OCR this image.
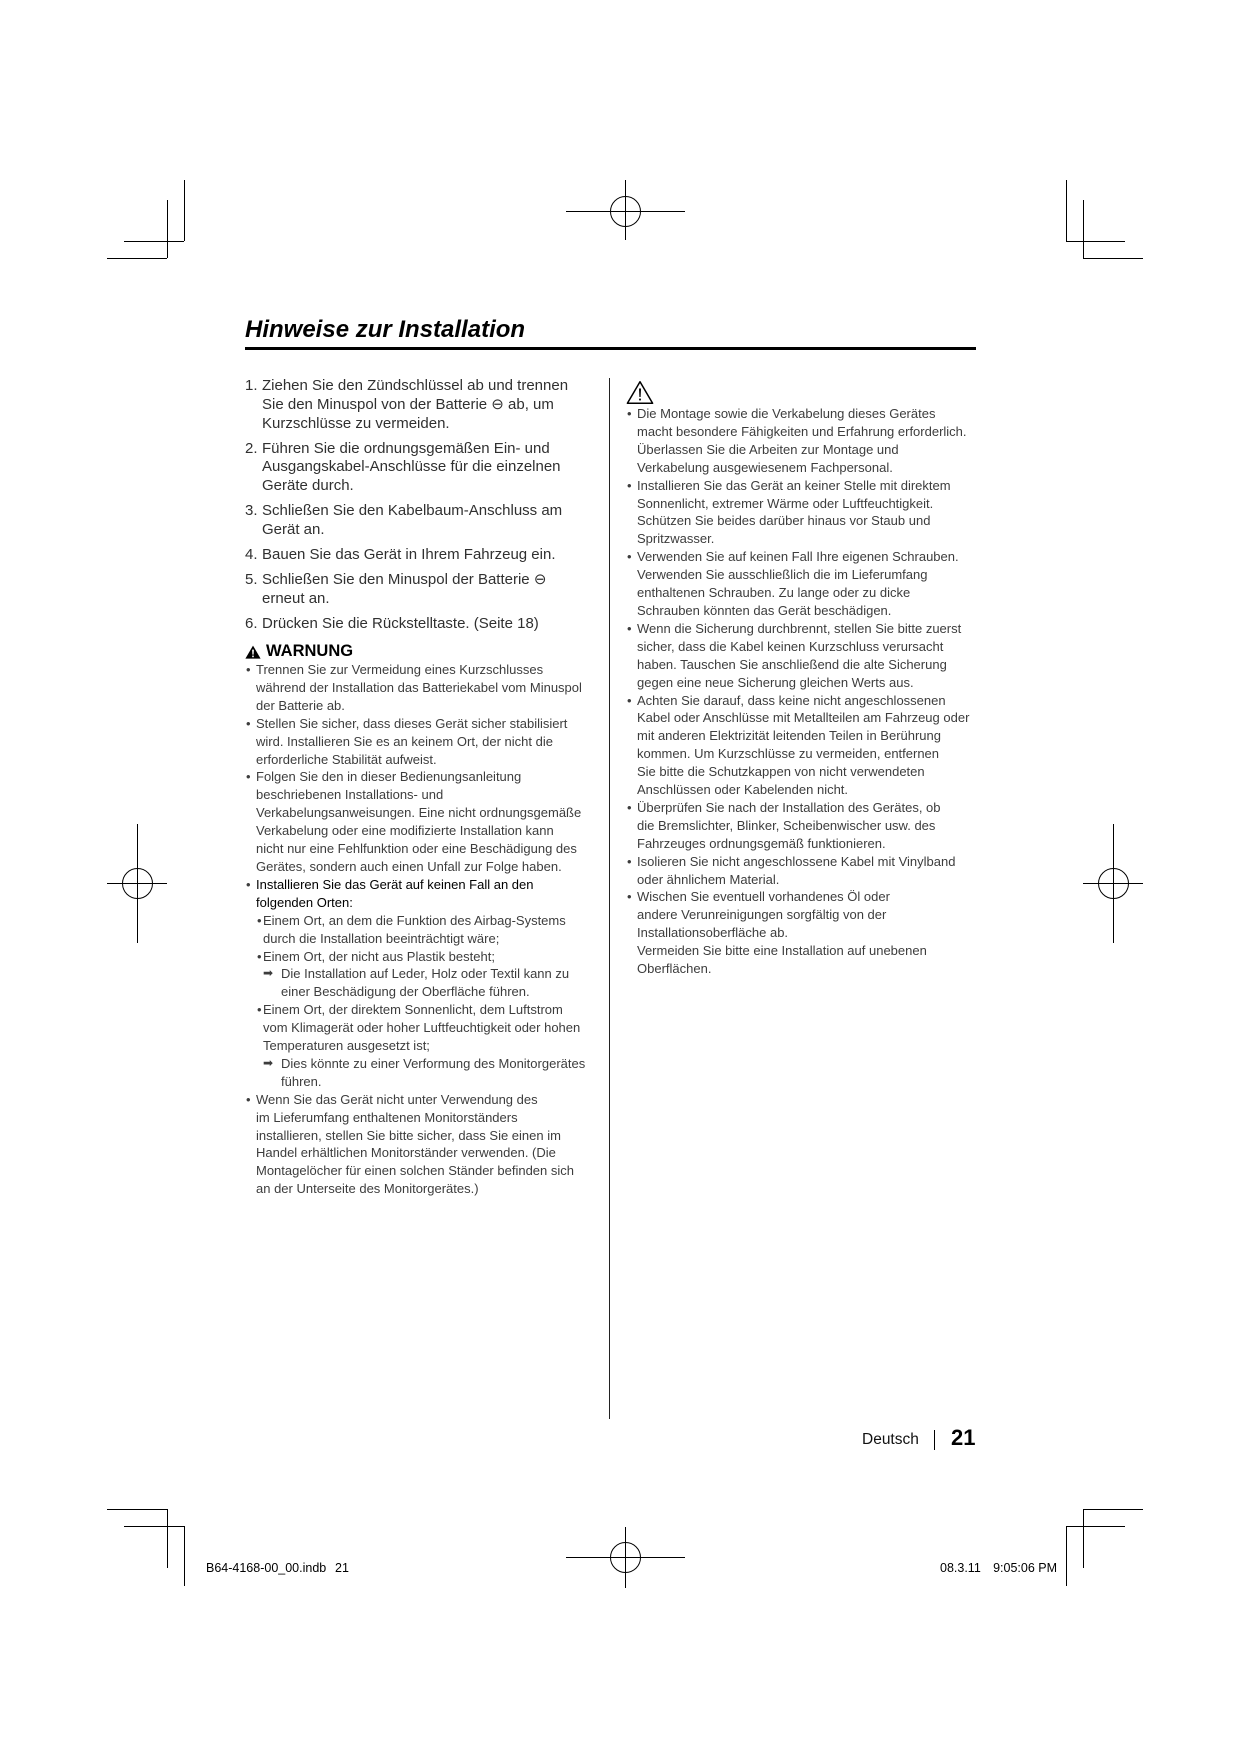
Hinweise zur Installation
1. Ziehen Sie den Zündschlüssel ab und trennen
Sie den Minuspol von der Batterie ⊖ ab, um
Kurzschlüsse zu vermeiden.
2. Führen Sie die ordnungsgemäßen Ein- und
Ausgangskabel-Anschlüsse für die einzelnen
Geräte durch.
3. Schließen Sie den Kabelbaum-Anschluss am
Gerät an.
4. Bauen Sie das Gerät in Ihrem Fahrzeug ein.
5. Schließen Sie den Minuspol der Batterie ⊖
erneut an.
6. Drücken Sie die Rückstelltaste. (Seite 18)
WARNUNG
• Trennen Sie zur Vermeidung eines Kurzschlusses
während der Installation das Batteriekabel vom Minuspol
der Batterie ab.
• Stellen Sie sicher, dass dieses Gerät sicher stabilisiert
wird. Installieren Sie es an keinem Ort, der nicht die
erforderliche Stabilität aufweist.
• Folgen Sie den in dieser Bedienungsanleitung
beschriebenen Installations- und
Verkabelungsanweisungen. Eine nicht ordnungsgemäße
Verkabelung oder eine modifizierte Installation kann
nicht nur eine Fehlfunktion oder eine Beschädigung des
Gerätes, sondern auch einen Unfall zur Folge haben.
• Installieren Sie das Gerät auf keinen Fall an den
folgenden Orten:
• Einem Ort, an dem die Funktion des Airbag-Systems
durch die Installation beeinträchtigt wäre;
• Einem Ort, der nicht aus Plastik besteht;
➡ Die Installation auf Leder, Holz oder Textil kann zu
einer Beschädigung der Oberfläche führen.
• Einem Ort, der direktem Sonnenlicht, dem Luftstrom
vom Klimagerät oder hoher Luftfeuchtigkeit oder hohen
Temperaturen ausgesetzt ist;
➡ Dies könnte zu einer Verformung des Monitorgerätes
führen.
• Wenn Sie das Gerät nicht unter Verwendung des
im Lieferumfang enthaltenen Monitorständers
installieren, stellen Sie bitte sicher, dass Sie einen im
Handel erhältlichen Monitorständer verwenden. (Die
Montagelöcher für einen solchen Ständer befinden sich
an der Unterseite des Monitorgerätes.)
• Die Montage sowie die Verkabelung dieses Gerätes
macht besondere Fähigkeiten und Erfahrung erforderlich.
Überlassen Sie die Arbeiten zur Montage und
Verkabelung ausgewiesenem Fachpersonal.
• Installieren Sie das Gerät an keiner Stelle mit direktem
Sonnenlicht, extremer Wärme oder Luftfeuchtigkeit.
Schützen Sie beides darüber hinaus vor Staub und
Spritzwasser.
• Verwenden Sie auf keinen Fall Ihre eigenen Schrauben.
Verwenden Sie ausschließlich die im Lieferumfang
enthaltenen Schrauben. Zu lange oder zu dicke
Schrauben könnten das Gerät beschädigen.
• Wenn die Sicherung durchbrennt, stellen Sie bitte zuerst
sicher, dass die Kabel keinen Kurzschluss verursacht
haben. Tauschen Sie anschließend die alte Sicherung
gegen eine neue Sicherung gleichen Werts aus.
• Achten Sie darauf, dass keine nicht angeschlossenen
Kabel oder Anschlüsse mit Metallteilen am Fahrzeug oder
mit anderen Elektrizität leitenden Teilen in Berührung
kommen. Um Kurzschlüsse zu vermeiden, entfernen
Sie bitte die Schutzkappen von nicht verwendeten
Anschlüssen oder Kabelenden nicht.
• Überprüfen Sie nach der Installation des Gerätes, ob
die Bremslichter, Blinker, Scheibenwischer usw. des
Fahrzeuges ordnungsgemäß funktionieren.
• Isolieren Sie nicht angeschlossene Kabel mit Vinylband
oder ähnlichem Material.
• Wischen Sie eventuell vorhandenes Öl oder
andere Verunreinigungen sorgfältig von der
Installationsoberfläche ab.
Vermeiden Sie bitte eine Installation auf unebenen
Oberflächen.
Deutsch 21
B64-4168-00_00.indb 21	08.3.11 9:05:06 PM
